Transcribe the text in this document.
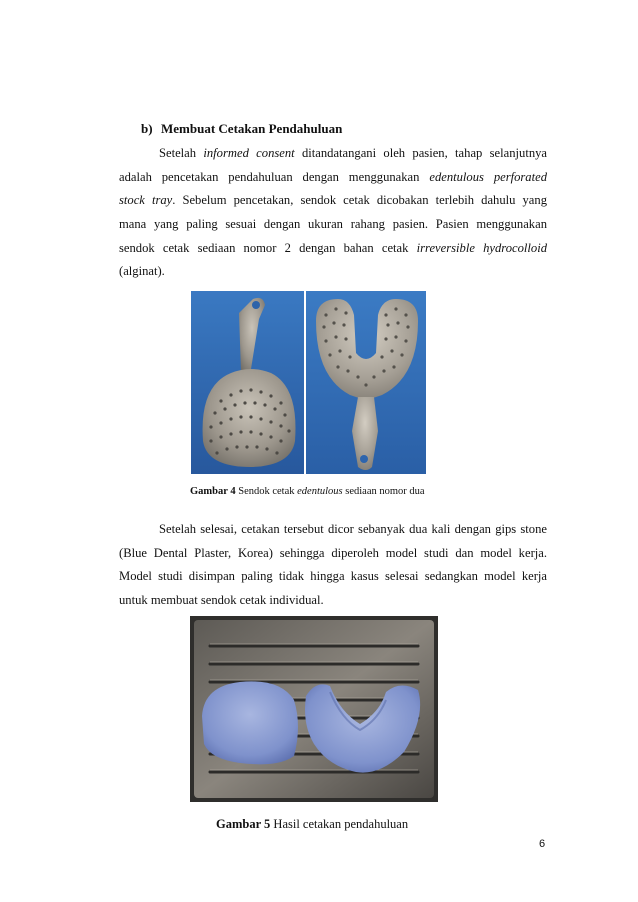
b) Membuat Cetakan Pendahuluan
Setelah informed consent ditandatangani oleh pasien, tahap selanjutnya
adalah pencetakan pendahuluan dengan menggunakan edentulous perforated
stock tray. Sebelum pencetakan, sendok cetak dicobakan terlebih dahulu yang
mana yang paling sesuai dengan ukuran rahang pasien. Pasien menggunakan
sendok cetak sediaan nomor 2 dengan bahan cetak irreversible hydrocolloid
(alginat).
Gambar 4 Sendok cetak edentulous sediaan nomor dua
Setelah selesai, cetakan tersebut dicor sebanyak dua kali dengan gips stone
(Blue Dental Plaster, Korea) sehingga diperoleh model studi dan model kerja.
Model studi disimpan paling tidak hingga kasus selesai sedangkan model kerja
untuk membuat sendok cetak individual.
Gambar 5 Hasil cetakan pendahuluan
6
